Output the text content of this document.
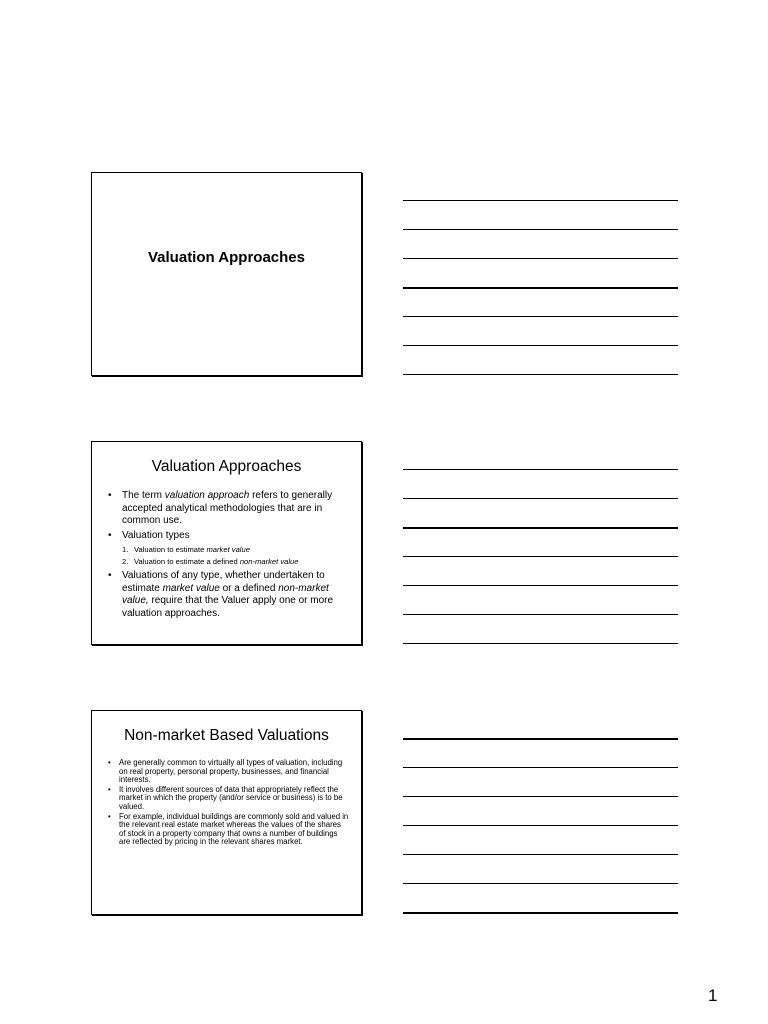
Valuation Approaches
Valuation Approaches
• The term valuation approach refers to generally accepted analytical methodologies that are in common use.
• Valuation types
1. Valuation to estimate market value
2. Valuation to estimate a defined non-market value
• Valuations of any type, whether undertaken to estimate market value or a defined non-market value, require that the Valuer apply one or more valuation approaches.
Non-market Based Valuations
• Are generally common to virtually all types of valuation, including on real property, personal property, businesses, and financial interests.
• It involves different sources of data that appropriately reflect the market in which the property (and/or service or business) is to be valued.
• For example, individual buildings are commonly sold and valued in the relevant real estate market whereas the values of the shares of stock in a property company that owns a number of buildings are reflected by pricing in the relevant shares market.
1
